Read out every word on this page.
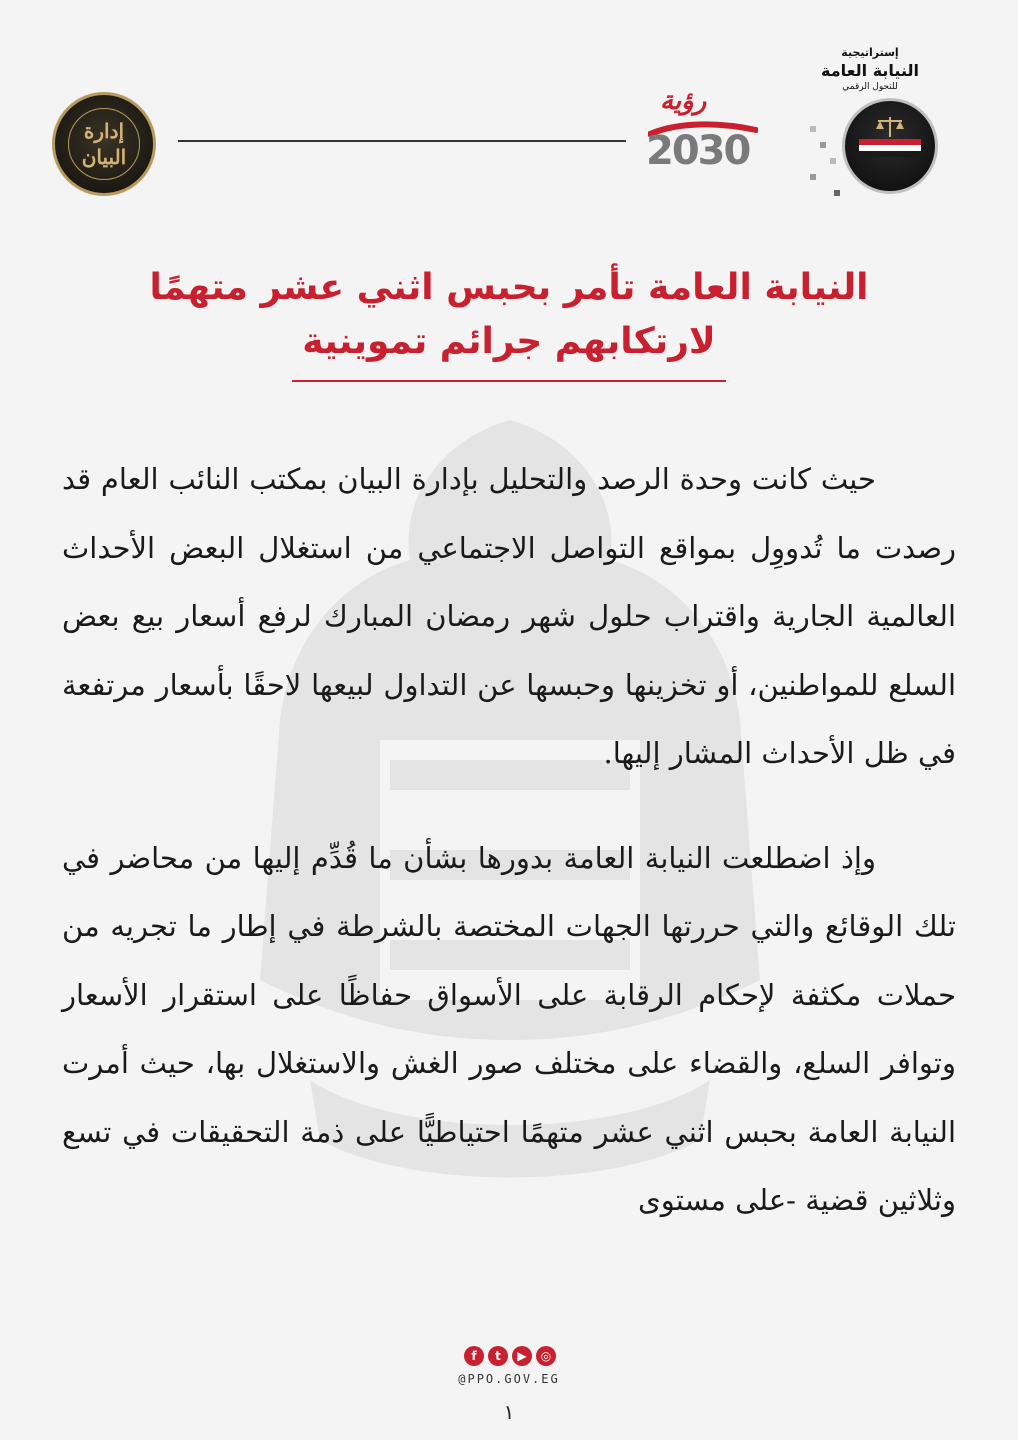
إدارة
البيان
رؤية
2030
إستراتيجية
النيابة العامة
للتحول الرقمي
النيابة العامة تأمر بحبس اثني عشر متهمًا
لارتكابهم جرائم تموينية

حيث كانت وحدة الرصد والتحليل بإدارة البيان بمكتب النائب العام قد رصدت ما تُدووِل بمواقع التواصل الاجتماعي من استغلال البعض الأحداث العالمية الجارية واقتراب حلول شهر رمضان المبارك لرفع أسعار بيع بعض السلع للمواطنين، أو تخزينها وحبسها عن التداول لبيعها لاحقًا بأسعار مرتفعة في ظل الأحداث المشار إليها.

وإذ اضطلعت النيابة العامة بدورها بشأن ما قُدِّم إليها من محاضر في تلك الوقائع والتي حررتها الجهات المختصة بالشرطة في إطار ما تجريه من حملات مكثفة لإحكام الرقابة على الأسواق حفاظًا على استقرار الأسعار وتوافر السلع، والقضاء على مختلف صور الغش والاستغلال بها، حيث أمرت النيابة العامة بحبس اثني عشر متهمًا احتياطيًّا على ذمة التحقيقات في تسع وثلاثين قضية -على مستوى

f	t	▶	◎
@PPO.GOV.EG
١
